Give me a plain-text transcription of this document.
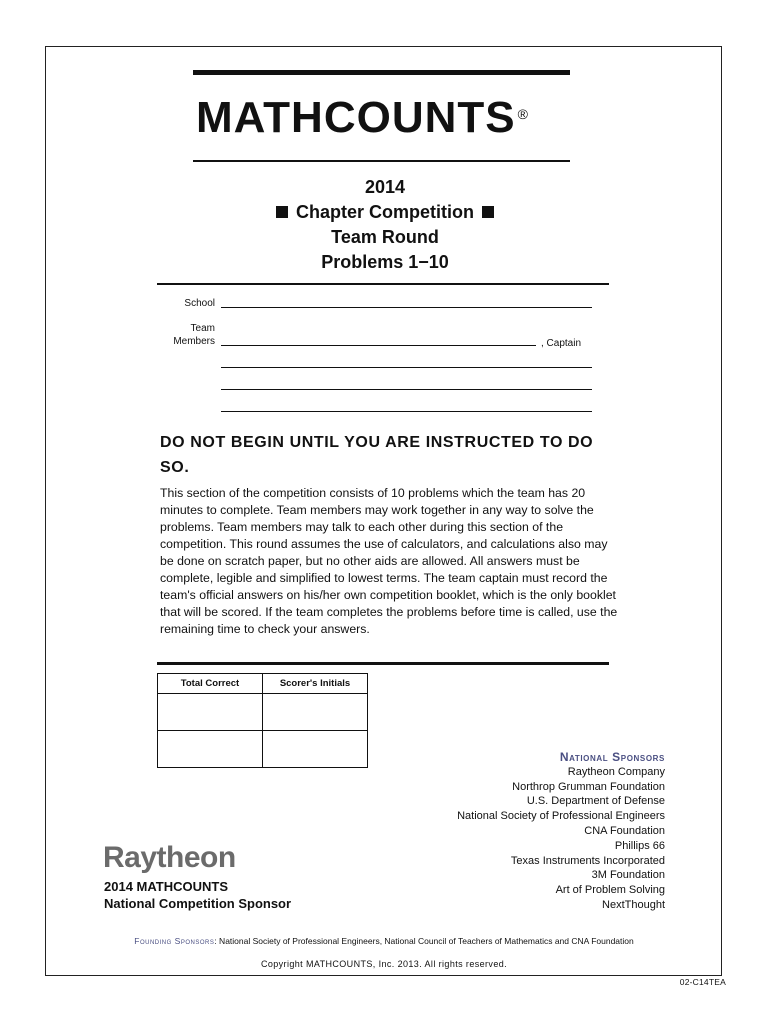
MATHCOUNTS ®
2014
Chapter Competition
Team Round
Problems 1−10
School
Team
Members	, Captain
DO NOT BEGIN UNTIL YOU ARE INSTRUCTED TO DO SO.
This section of the competition consists of 10 problems which the team has 20 minutes to complete. Team members may work together in any way to solve the problems. Team members may talk to each other during this section of the competition. This round assumes the use of calculators, and calculations also may be done on scratch paper, but no other aids are allowed. All answers must be complete, legible and simplified to lowest terms. The team captain must record the team's official answers on his/her own competition booklet, which is the only booklet that will be scored. If the team completes the problems before time is called, use the remaining time to check your answers.
Total Correct	Scorer's Initials

National Sponsors
Raytheon Company
Northrop Grumman Foundation
U.S. Department of Defense
National Society of Professional Engineers
CNA Foundation
Phillips 66
Texas Instruments Incorporated
3M Foundation
Art of Problem Solving
NextThought
Raytheon
2014 MATHCOUNTS
National Competition Sponsor
Founding Sponsors: National Society of Professional Engineers, National Council of Teachers of Mathematics and CNA Foundation
Copyright MATHCOUNTS, Inc. 2013. All rights reserved.
02-C14TEA
